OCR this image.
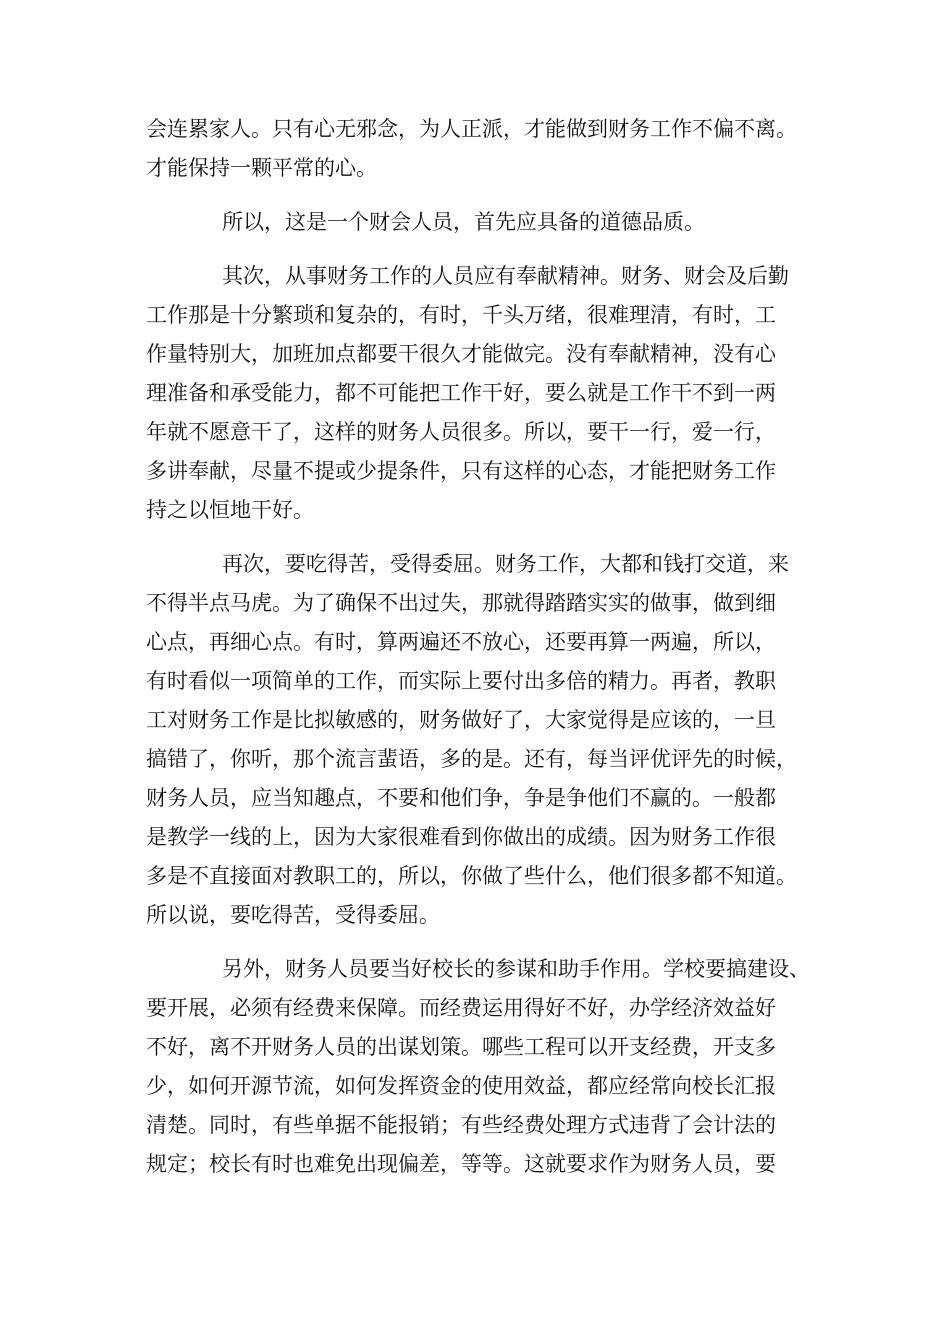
会连累家人。只有心无邪念，为人正派，才能做到财务工作不偏不离。

才能保持一颗平常的心。

所以，这是一个财会人员，首先应具备的道德品质。

其次，从事财务工作的人员应有奉献精神。财务、财会及后勤

工作那是十分繁琐和复杂的，有时，千头万绪，很难理清，有时，工

作量特别大，加班加点都要干很久才能做完。没有奉献精神，没有心

理准备和承受能力，都不可能把工作干好，要么就是工作干不到一两

年就不愿意干了，这样的财务人员很多。所以，要干一行，爱一行，

多讲奉献，尽量不提或少提条件，只有这样的心态，才能把财务工作

持之以恒地干好。

再次，要吃得苦，受得委屈。财务工作，大都和钱打交道，来

不得半点马虎。为了确保不出过失，那就得踏踏实实的做事，做到细

心点，再细心点。有时，算两遍还不放心，还要再算一两遍，所以，

有时看似一项简单的工作，而实际上要付出多倍的精力。再者，教职

工对财务工作是比拟敏感的，财务做好了，大家觉得是应该的，一旦

搞错了，你听，那个流言蜚语，多的是。还有，每当评优评先的时候，

财务人员，应当知趣点，不要和他们争，争是争他们不赢的。一般都

是教学一线的上，因为大家很难看到你做出的成绩。因为财务工作很

多是不直接面对教职工的，所以，你做了些什么，他们很多都不知道。

所以说，要吃得苦，受得委屈。

另外，财务人员要当好校长的参谋和助手作用。学校要搞建设、

要开展，必须有经费来保障。而经费运用得好不好，办学经济效益好

不好，离不开财务人员的出谋划策。哪些工程可以开支经费，开支多

少，如何开源节流，如何发挥资金的使用效益，都应经常向校长汇报

清楚。同时，有些单据不能报销；有些经费处理方式违背了会计法的

规定；校长有时也难免出现偏差，等等。这就要求作为财务人员，要
